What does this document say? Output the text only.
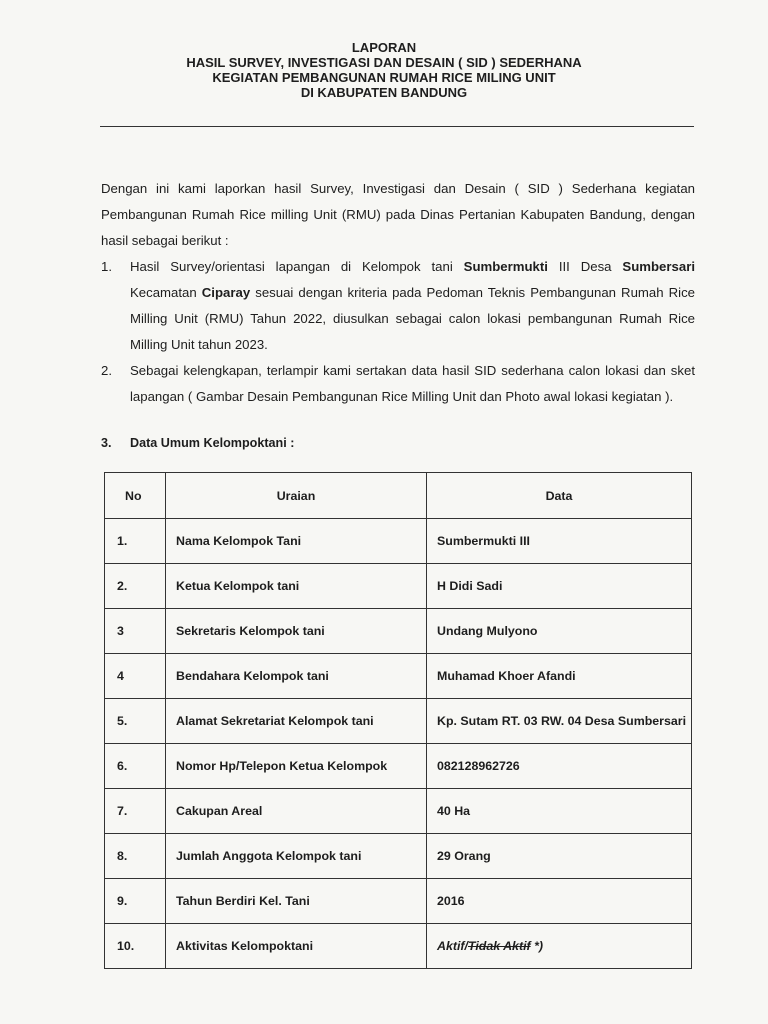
LAPORAN
HASIL SURVEY, INVESTIGASI DAN DESAIN ( SID ) SEDERHANA
KEGIATAN PEMBANGUNAN RUMAH RICE MILING UNIT
DI KABUPATEN BANDUNG
Dengan ini kami laporkan hasil Survey, Investigasi dan Desain ( SID ) Sederhana kegiatan Pembangunan Rumah Rice milling Unit (RMU) pada Dinas Pertanian Kabupaten Bandung, dengan hasil sebagai berikut :
1.	Hasil Survey/orientasi lapangan di Kelompok tani Sumbermukti III Desa Sumbersari Kecamatan Ciparay sesuai dengan kriteria pada Pedoman Teknis Pembangunan Rumah Rice Milling Unit (RMU) Tahun 2022, diusulkan sebagai calon lokasi pembangunan Rumah Rice Milling Unit tahun 2023.
2.	Sebagai kelengkapan, terlampir kami sertakan data hasil SID sederhana calon lokasi dan sket lapangan ( Gambar Desain Pembangunan Rice Milling Unit dan Photo awal lokasi kegiatan ).
3. Data Umum Kelompoktani :
No	Uraian	Data
1.	Nama Kelompok Tani	Sumbermukti III
2.	Ketua Kelompok tani	H Didi Sadi
3	Sekretaris Kelompok tani	Undang Mulyono
4	Bendahara Kelompok tani	Muhamad Khoer Afandi
5.	Alamat Sekretariat Kelompok tani	Kp. Sutam RT. 03 RW. 04 Desa Sumbersari
6.	Nomor Hp/Telepon Ketua Kelompok	082128962726
7.	Cakupan Areal	40 Ha
8.	Jumlah Anggota Kelompok tani	29 Orang
9.	Tahun Berdiri Kel. Tani	2016
10.	Aktivitas Kelompoktani	Aktif/Tidak Aktif *)
